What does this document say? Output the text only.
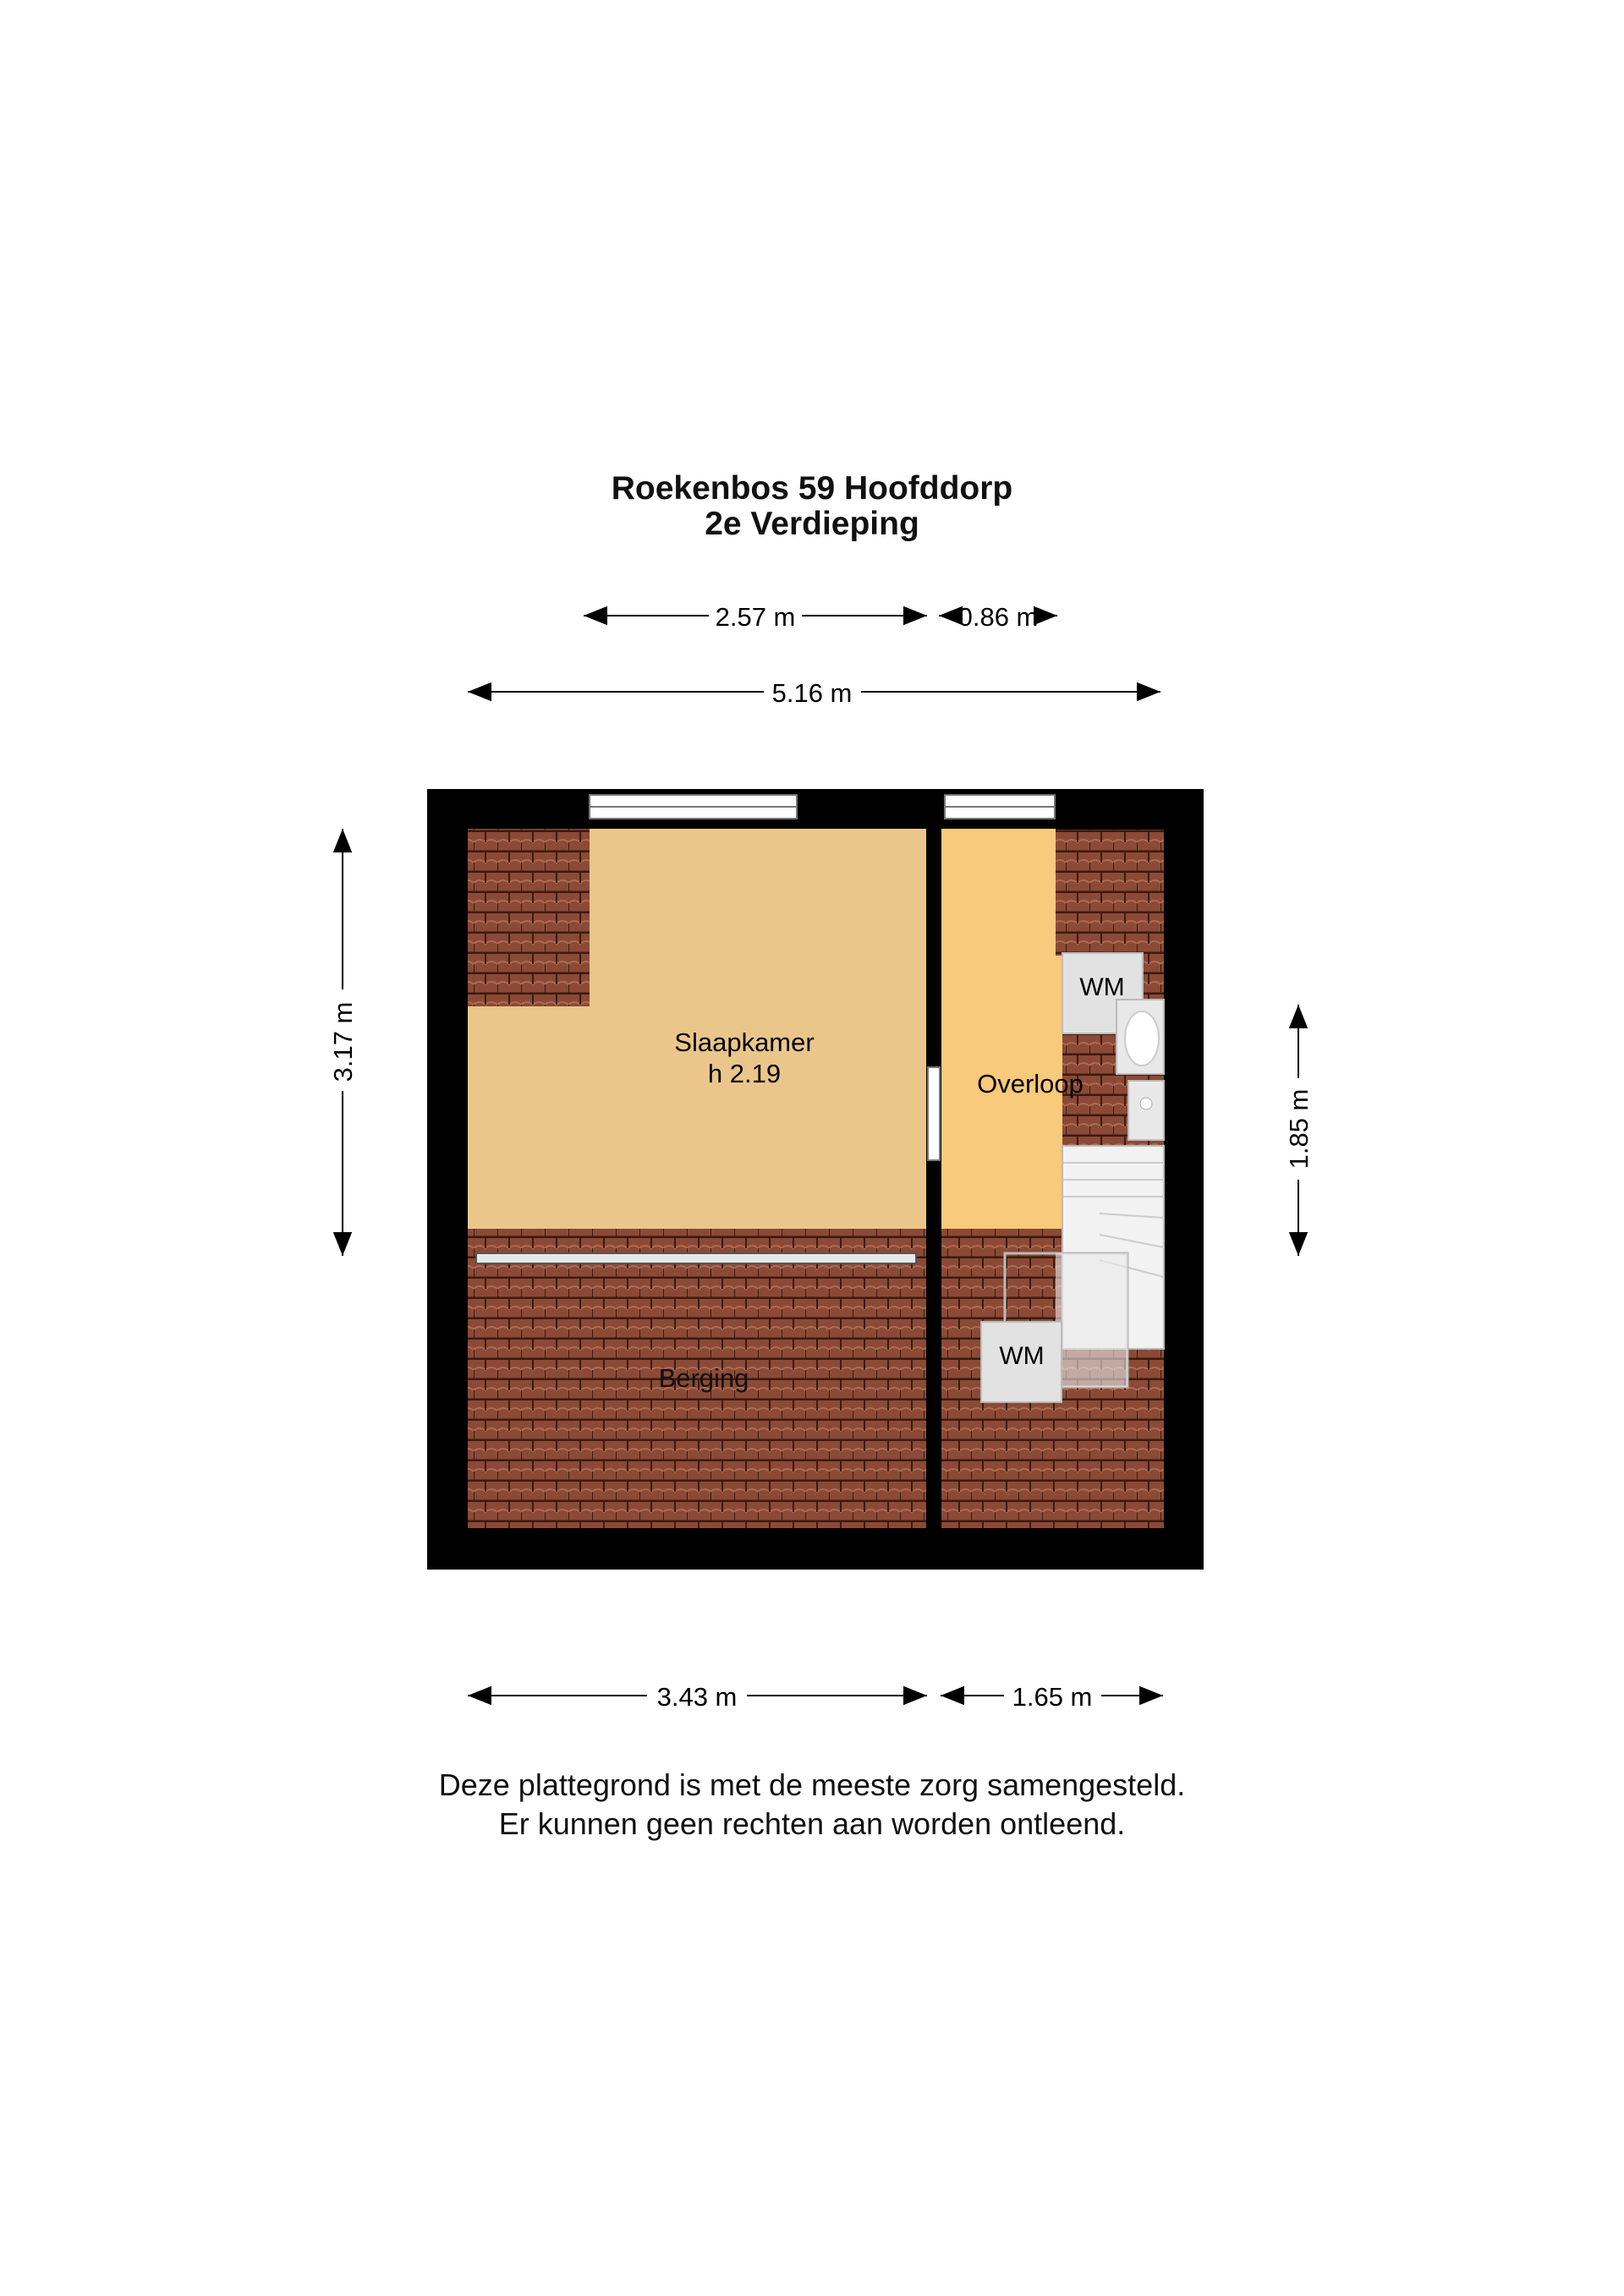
Roekenbos 59 Hoofddorp
2e Verdieping
Slaapkamer
h 2.19	Overloop
Berging
WM
WM
2.57 m	0.86 m
5.16 m
3.17 m
1.85 m
3.43 m	1.65 m
Deze plattegrond is met de meeste zorg samengesteld.
Er kunnen geen rechten aan worden ontleend.
